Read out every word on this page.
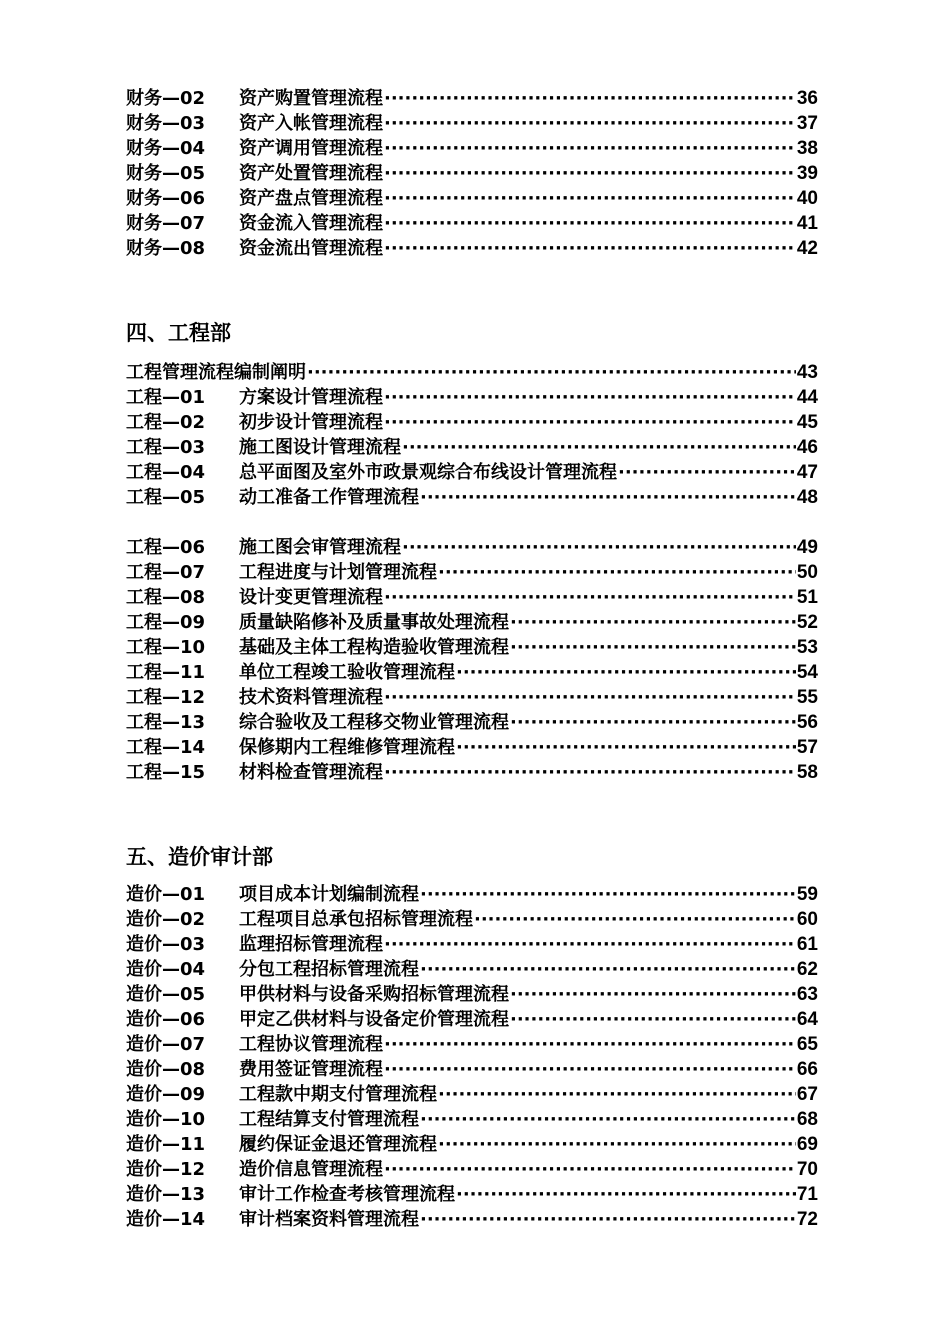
财务—02	资产购置管理流程 ·····	36
财务—03	资产入帐管理流程 ·····	37
财务—04	资产调用管理流程 ·····	38
财务—05	资产处置管理流程 ·····	39
财务—06	资产盘点管理流程 ·····	40
财务—07	资金流入管理流程 ·····	41
财务—08	资金流出管理流程 ·····	42
四、工程部
工程管理流程编制阐明 ·····	43
工程—01	方案设计管理流程 ·····	44
工程—02	初步设计管理流程 ·····	45
工程—03	施工图设计管理流程 ·····	46
工程—04	总平面图及室外市政景观综合布线设计管理流程 ·····	47
工程—05	动工准备工作管理流程 ·····	48
工程—06	施工图会审管理流程 ·····	49
工程—07	工程进度与计划管理流程 ·····	50
工程—08	设计变更管理流程 ·····	51
工程—09	质量缺陷修补及质量事故处理流程 ·····	52
工程—10	基础及主体工程构造验收管理流程 ·····	53
工程—11	单位工程竣工验收管理流程 ·····	54
工程—12	技术资料管理流程 ·····	55
工程—13	综合验收及工程移交物业管理流程 ·····	56
工程—14	保修期内工程维修管理流程 ·····	57
工程—15	材料检查管理流程 ·····	58
五、造价审计部
造价—01	项目成本计划编制流程 ·····	59
造价—02	工程项目总承包招标管理流程 ·····	60
造价—03	监理招标管理流程 ·····	61
造价—04	分包工程招标管理流程 ·····	62
造价—05	甲供材料与设备采购招标管理流程 ·····	63
造价—06	甲定乙供材料与设备定价管理流程 ·····	64
造价—07	工程协议管理流程 ·····	65
造价—08	费用签证管理流程 ·····	66
造价—09	工程款中期支付管理流程 ·····	67
造价—10	工程结算支付管理流程 ·····	68
造价—11	履约保证金退还管理流程 ·····	69
造价—12	造价信息管理流程 ·····	70
造价—13	审计工作检查考核管理流程 ·····	71
造价—14	审计档案资料管理流程 ·····	72
